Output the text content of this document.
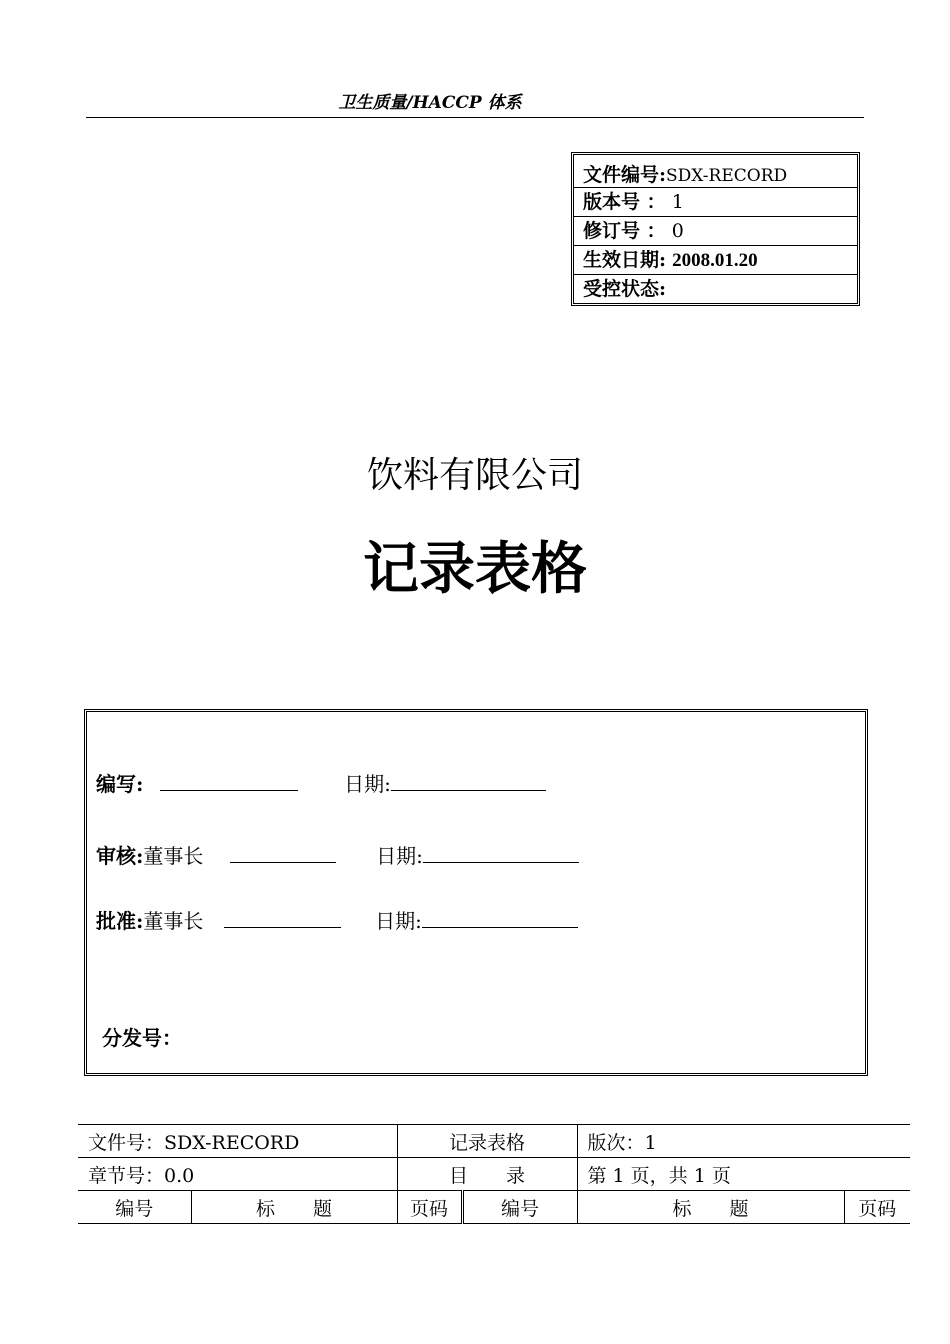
卫生质量/HACCP 体系
文件编号:SDX-RECORD
版本号 ： 1
修订号 ： 0
生效日期: 2008.01.20
受控状态:
饮料有限公司
记录表格
编写:	日期:
审核:董事长	日期:
批准:董事长	日期:
分发号：
文件号：SDX-RECORD		记录表格		版次：1	
章节号：0.0		目　　录		第 1 页，共 1 页	
编号	标　　题	页码	编号	标　　题	页码
